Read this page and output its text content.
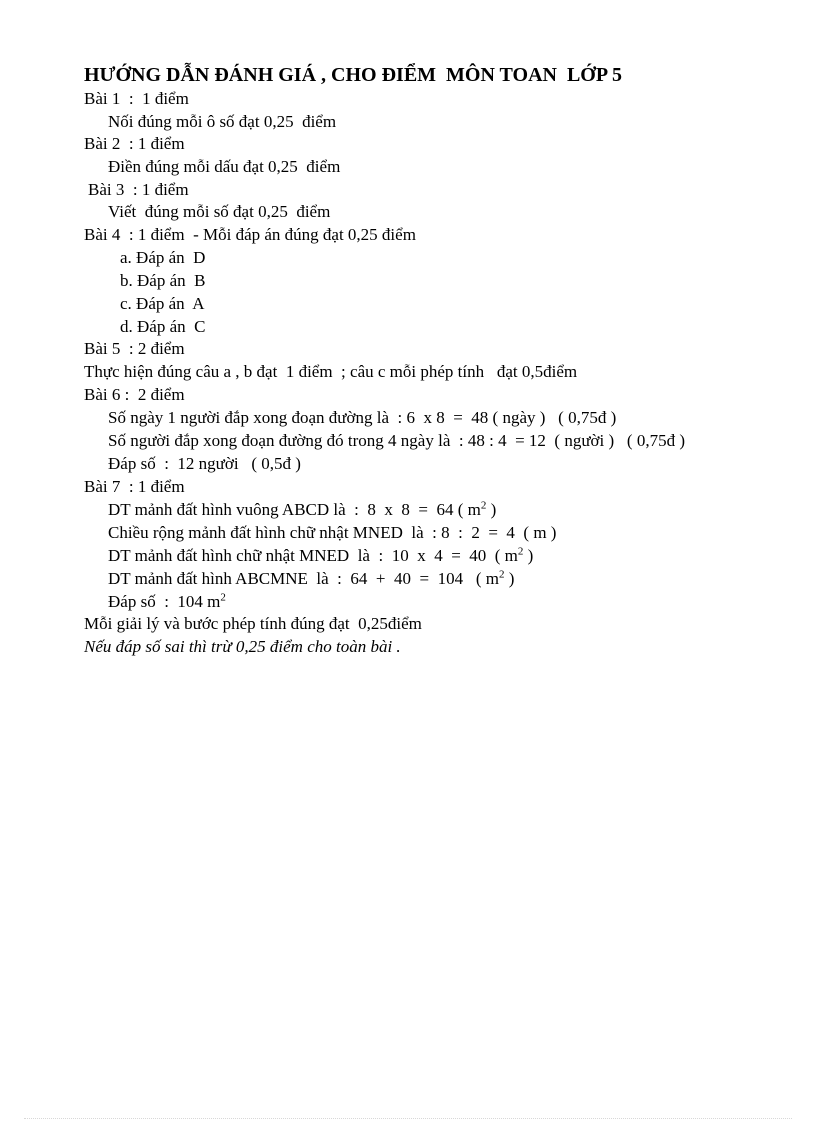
HƯỚNG DẪN ĐÁNH GIÁ , CHO ĐIỂM  MÔN TOAN  LỚP 5
Bài 1  :  1 điểm
Nối đúng mỗi ô số đạt 0,25  điểm
Bài 2  : 1 điểm
Điền đúng mỗi dấu đạt 0,25  điểm
Bài 3  : 1 điểm
Viết  đúng mỗi số đạt 0,25  điểm
Bài 4  : 1 điểm  - Mỗi đáp án đúng đạt 0,25 điểm
a. Đáp án  D
b. Đáp án  B
c. Đáp án  A
d. Đáp án  C
Bài 5  : 2 điểm
Thực hiện đúng câu a , b đạt  1 điểm  ; câu c mỗi phép tính   đạt 0,5điểm
Bài 6 :  2 điểm
Số ngày 1 người đắp xong đoạn đường là  : 6  x 8  =  48 ( ngày )   ( 0,75đ )
Số người đắp xong đoạn đường đó trong 4 ngày là  : 48 : 4  = 12  ( người )   ( 0,75đ )
Đáp số  :  12 người   ( 0,5đ )
Bài 7  : 1 điểm
DT mảnh đất hình vuông ABCD là  :  8  x  8  =  64 ( $m^2$ )
Chiều rộng mảnh đất hình chữ nhật MNED  là  : 8  :  2  =  4  ( m )
DT mảnh đất hình chữ nhật MNED  là  :  10  x  4  =  40  ( $m^2$ )
DT mảnh đất hình ABCMNE  là  :  64  +  40  =  104   ( $m^2$ )
Đáp số  :  104 $m^2$
Mỗi giải lý và bước phép tính đúng đạt  0,25điểm
Nếu đáp số sai thì trừ 0,25 điểm cho toàn bài .
